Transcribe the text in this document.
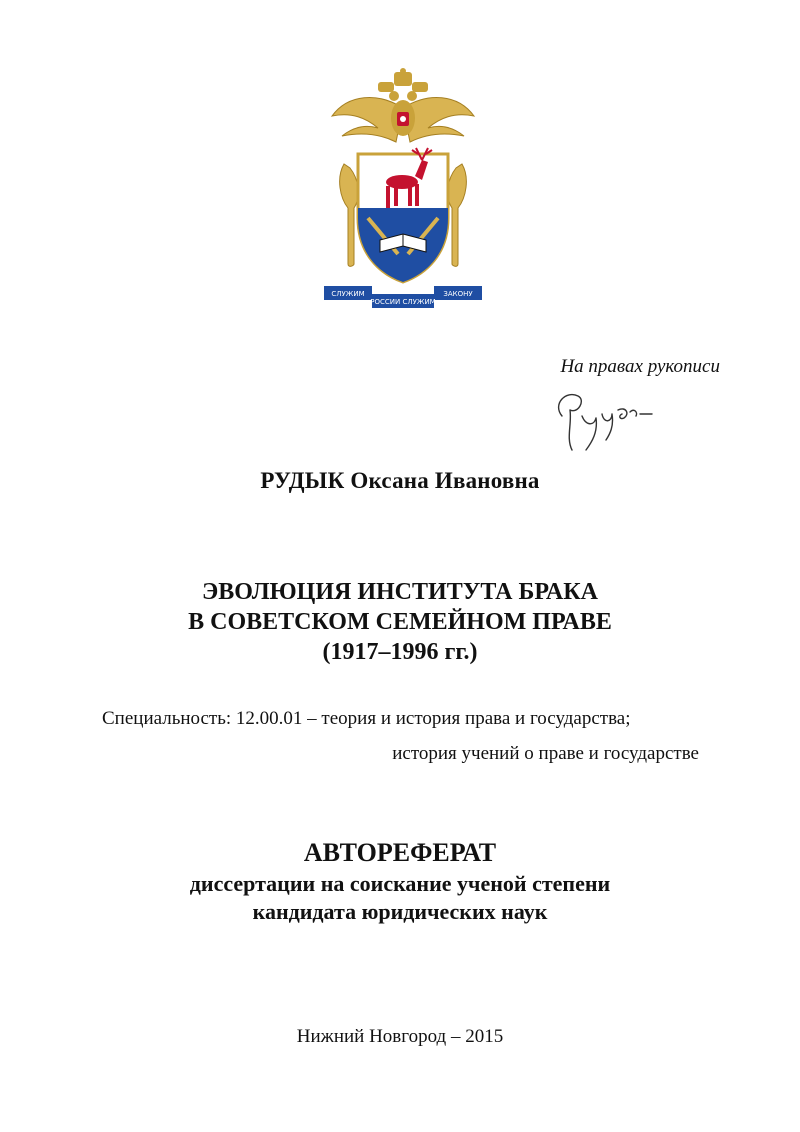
СЛУЖИМ
РОССИИ СЛУЖИМ
ЗАКОНУ
На правах рукописи
РУДЫК Оксана Ивановна
ЭВОЛЮЦИЯ ИНСТИТУТА БРАКА
В СОВЕТСКОМ СЕМЕЙНОМ ПРАВЕ
(1917–1996 гг.)
Специальность: 12.00.01 – теория и история права и государства;
история учений о праве и государстве
АВТОРЕФЕРАТ
диссертации на соискание ученой степени
кандидата юридических наук
Нижний Новгород – 2015
